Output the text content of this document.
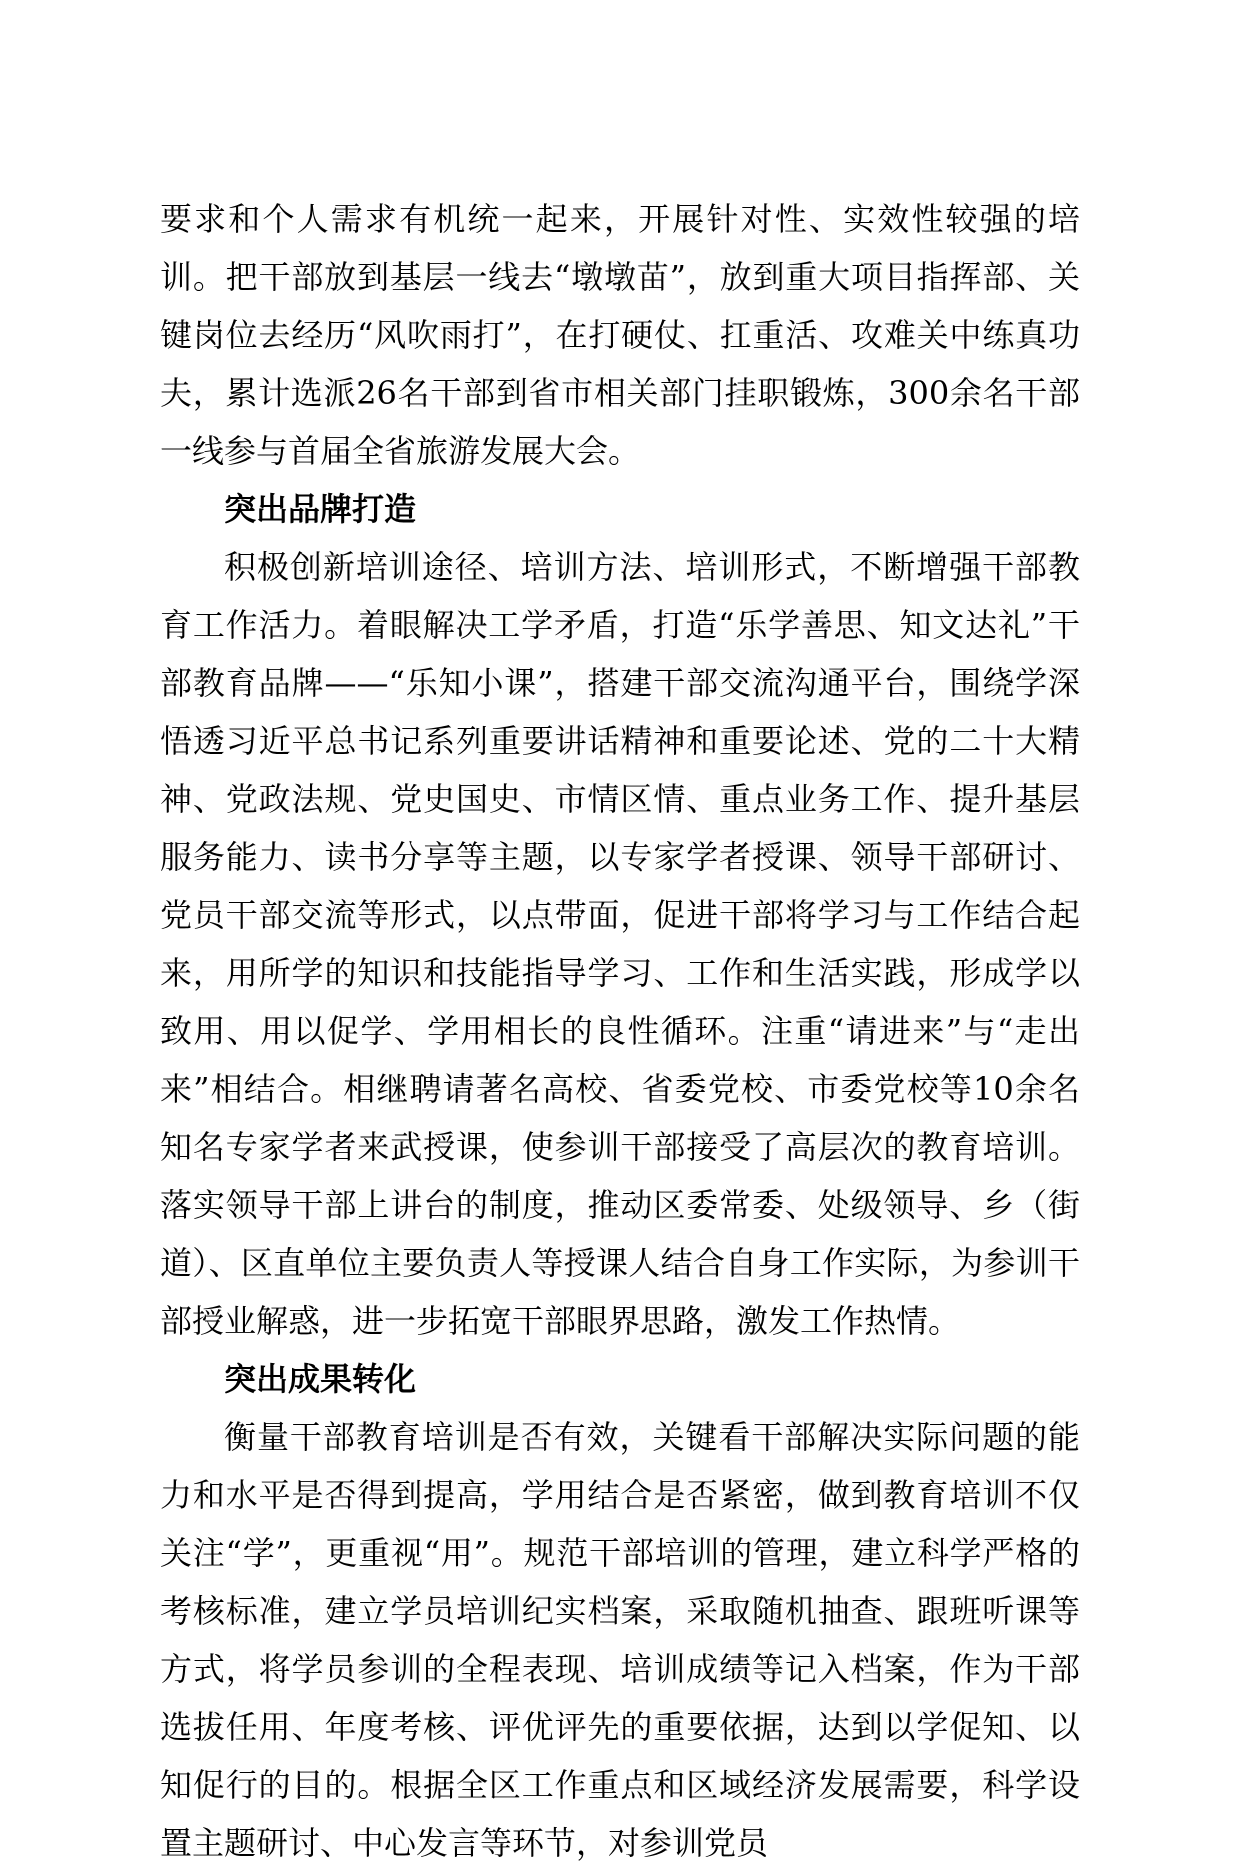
要求和个人需求有机统一起来，开展针对性、实效性较强的培训。把干部放到基层一线去“墩墩苗”，放到重大项目指挥部、关键岗位去经历“风吹雨打”，在打硬仗、扛重活、攻难关中练真功夫，累计选派26名干部到省市相关部门挂职锻炼，300余名干部一线参与首届全省旅游发展大会。

突出品牌打造

积极创新培训途径、培训方法、培训形式，不断增强干部教育工作活力。着眼解决工学矛盾，打造“乐学善思、知文达礼”干部教育品牌——“乐知小课”，搭建干部交流沟通平台，围绕学深悟透习近平总书记系列重要讲话精神和重要论述、党的二十大精神、党政法规、党史国史、市情区情、重点业务工作、提升基层服务能力、读书分享等主题，以专家学者授课、领导干部研讨、党员干部交流等形式，以点带面，促进干部将学习与工作结合起来，用所学的知识和技能指导学习、工作和生活实践，形成学以致用、用以促学、学用相长的良性循环。注重“请进来”与“走出来”相结合。相继聘请著名高校、省委党校、市委党校等10余名知名专家学者来武授课，使参训干部接受了高层次的教育培训。落实领导干部上讲台的制度，推动区委常委、处级领导、乡（街道）、区直单位主要负责人等授课人结合自身工作实际，为参训干部授业解惑，进一步拓宽干部眼界思路，激发工作热情。

突出成果转化

衡量干部教育培训是否有效，关键看干部解决实际问题的能力和水平是否得到提高，学用结合是否紧密，做到教育培训不仅关注“学”，更重视“用”。规范干部培训的管理，建立科学严格的考核标准，建立学员培训纪实档案，采取随机抽查、跟班听课等方式，将学员参训的全程表现、培训成绩等记入档案，作为干部选拔任用、年度考核、评优评先的重要依据，达到以学促知、以知促行的目的。根据全区工作重点和区域经济发展需要，科学设置主题研讨、中心发言等环节，对参训党员
